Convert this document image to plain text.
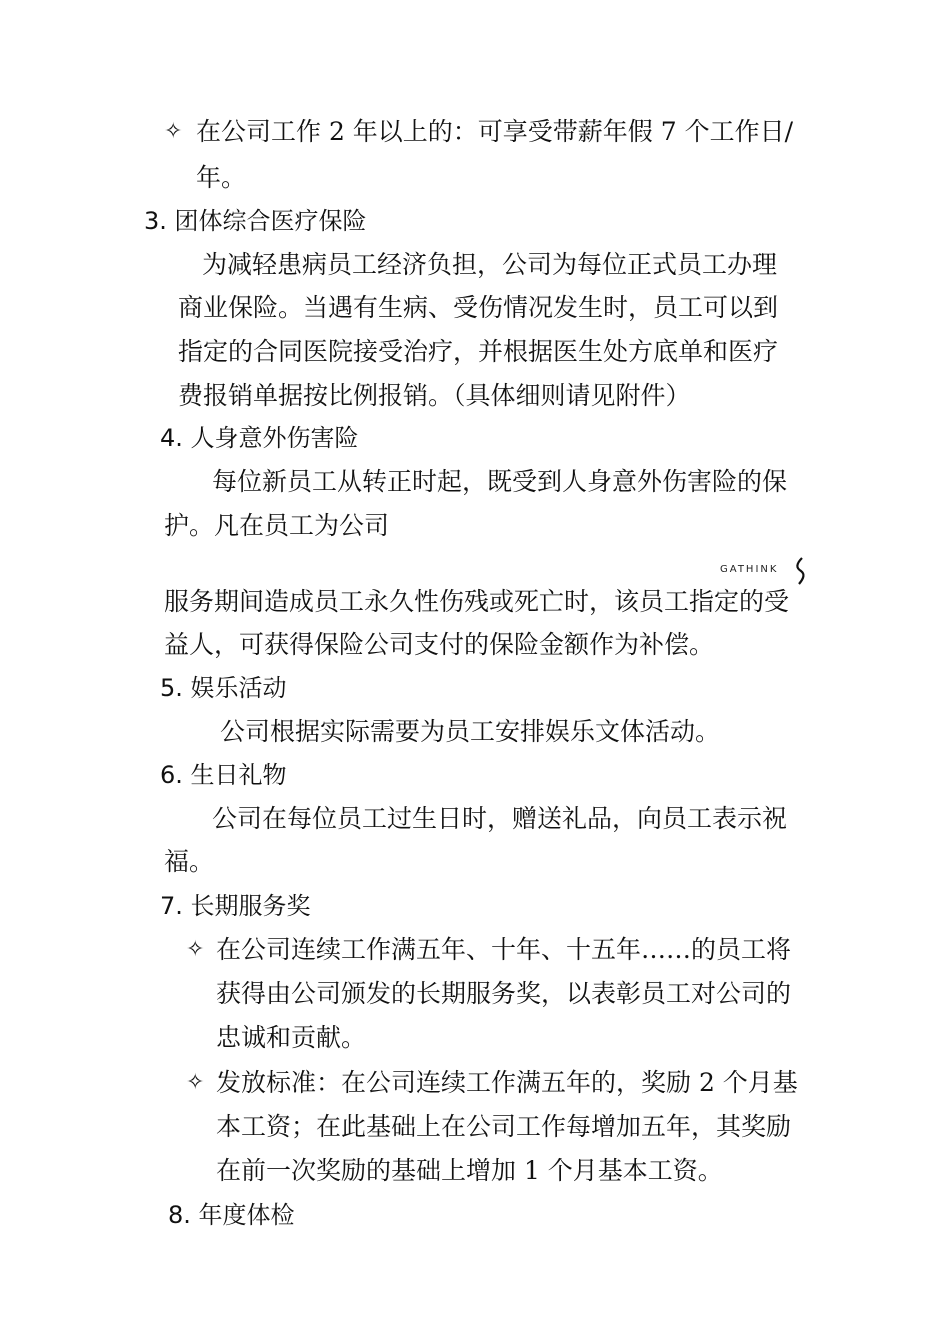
✧ 在公司工作 2 年以上的：可享受带薪年假 7 个工作日/
年。
3. 团体综合医疗保险
为减轻患病员工经济负担，公司为每位正式员工办理
商业保险。当遇有生病、受伤情况发生时，员工可以到
指定的合同医院接受治疗，并根据医生处方底单和医疗
费报销单据按比例报销。（具体细则请见附件）
4. 人身意外伤害险
每位新员工从转正时起，既受到人身意外伤害险的保
护。凡在员工为公司
GATHINK
服务期间造成员工永久性伤残或死亡时，该员工指定的受
益人，可获得保险公司支付的保险金额作为补偿。
5. 娱乐活动
公司根据实际需要为员工安排娱乐文体活动。
6. 生日礼物
公司在每位员工过生日时，赠送礼品，向员工表示祝
福。
7. 长期服务奖
✧ 在公司连续工作满五年、十年、十五年……的员工将
获得由公司颁发的长期服务奖，以表彰员工对公司的
忠诚和贡献。
✧ 发放标准：在公司连续工作满五年的，奖励 2 个月基
本工资；在此基础上在公司工作每增加五年，其奖励
在前一次奖励的基础上增加 1 个月基本工资。
8. 年度体检
